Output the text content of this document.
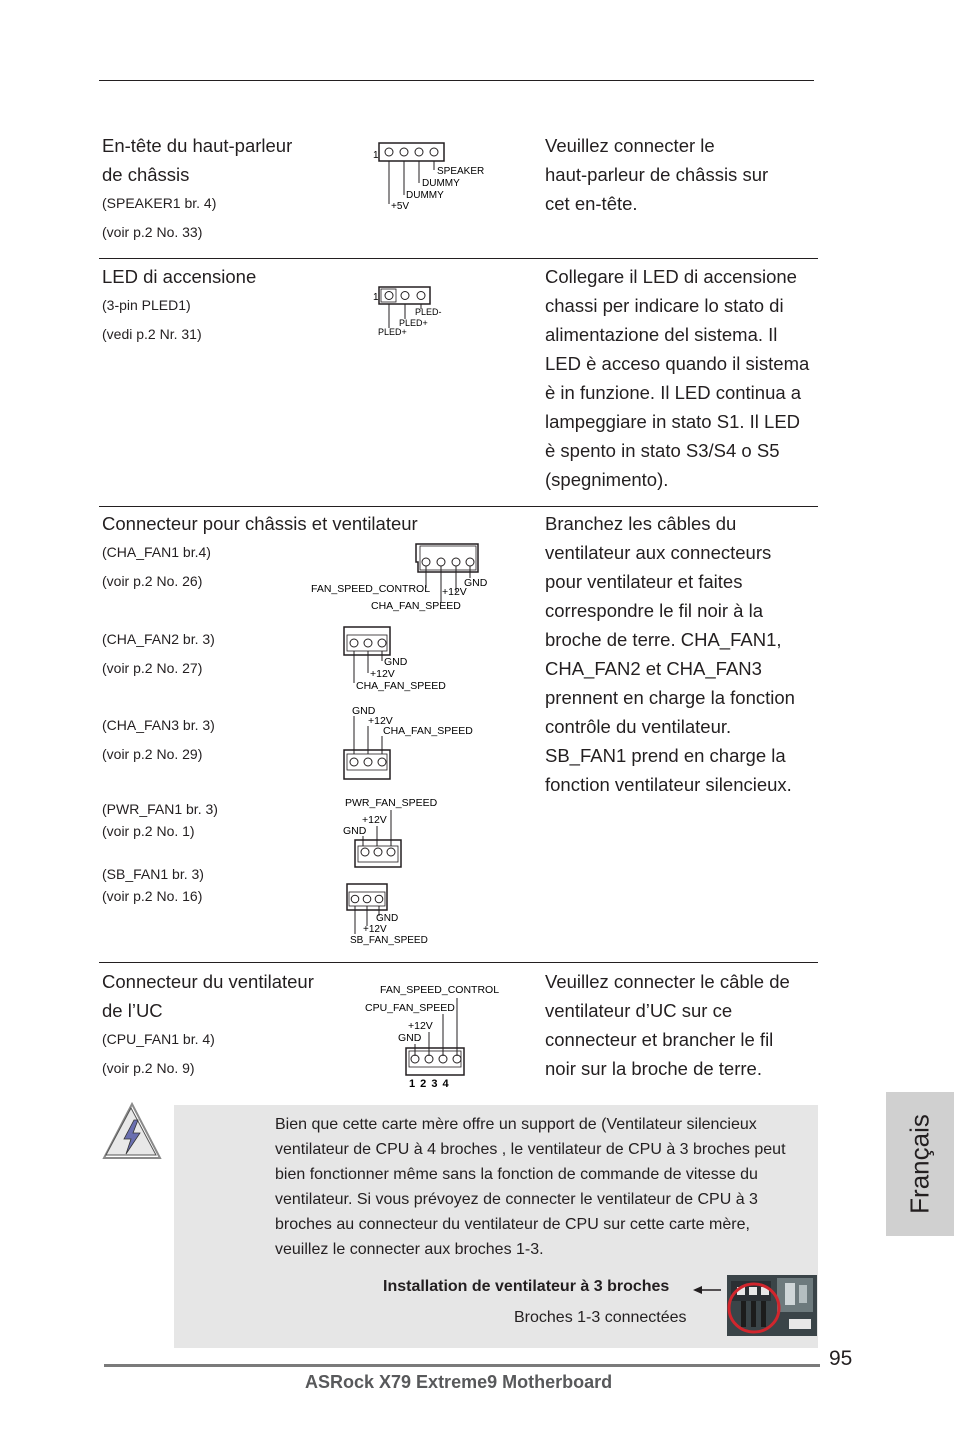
En-tête du haut-parleur
de châssis
(SPEAKER1 br. 4)
(voir p.2 No. 33)
1
SPEAKER
DUMMY
DUMMY
+5V
Veuillez connecter le
haut-parleur de châssis sur
cet en-tête.
LED di accensione
(3-pin PLED1)
(vedi p.2 Nr. 31)
1
PLED-
PLED+
PLED+
Collegare il LED di accensione
chassi per indicare lo stato di
alimentazione del sistema. Il
LED è acceso quando il sistema
è in funzione. Il LED continua a
lampeggiare in stato S1. Il LED
è spento in stato S3/S4 o S5
(spegnimento).
Connecteur pour châssis et ventilateur
(CHA_FAN1 br.4)
(voir p.2 No. 26)
(CHA_FAN2 br. 3)
(voir p.2 No. 27)
(CHA_FAN3 br. 3)
(voir p.2 No. 29)
(PWR_FAN1 br. 3)
(voir p.2 No. 1)
(SB_FAN1 br. 3)
(voir p.2 No. 16)
FAN_SPEED_CONTROL +12V
GND
CHA_FAN_SPEED
GND
+12V
CHA_FAN_SPEED
GND
+12V
CHA_FAN_SPEED
PWR_FAN_SPEED
+12V
GND
GND
+12V
SB_FAN_SPEED
Branchez les câbles du
ventilateur aux connecteurs
pour ventilateur et faites
correspondre le fil noir à la
broche de terre. CHA_FAN1,
CHA_FAN2 et CHA_FAN3
prennent en charge la fonction
contrôle du ventilateur.
SB_FAN1 prend en charge la
fonction ventilateur silencieux.
Connecteur du ventilateur
de l’UC
(CPU_FAN1 br. 4)
(voir p.2 No. 9)
FAN_SPEED_CONTROL
CPU_FAN_SPEED
+12V
GND
1 2 3 4
Veuillez connecter le câble de
ventilateur d’UC sur ce
connecteur et brancher le fil
noir sur la broche de terre.
Bien que cette carte mère offre un support de (Ventilateur silencieux
ventilateur de CPU à 4 broches , le ventilateur de CPU à 3 broches peut
bien fonctionner même sans la fonction de commande de vitesse du
ventilateur. Si vous prévoyez de connecter le ventilateur de CPU à 3
broches au connecteur du ventilateur de CPU sur cette carte mère,
veuillez le connecter aux broches 1-3.
Installation de ventilateur à 3 broches
Broches 1-3 connectées
Français
95
ASRock X79 Extreme9 Motherboard
